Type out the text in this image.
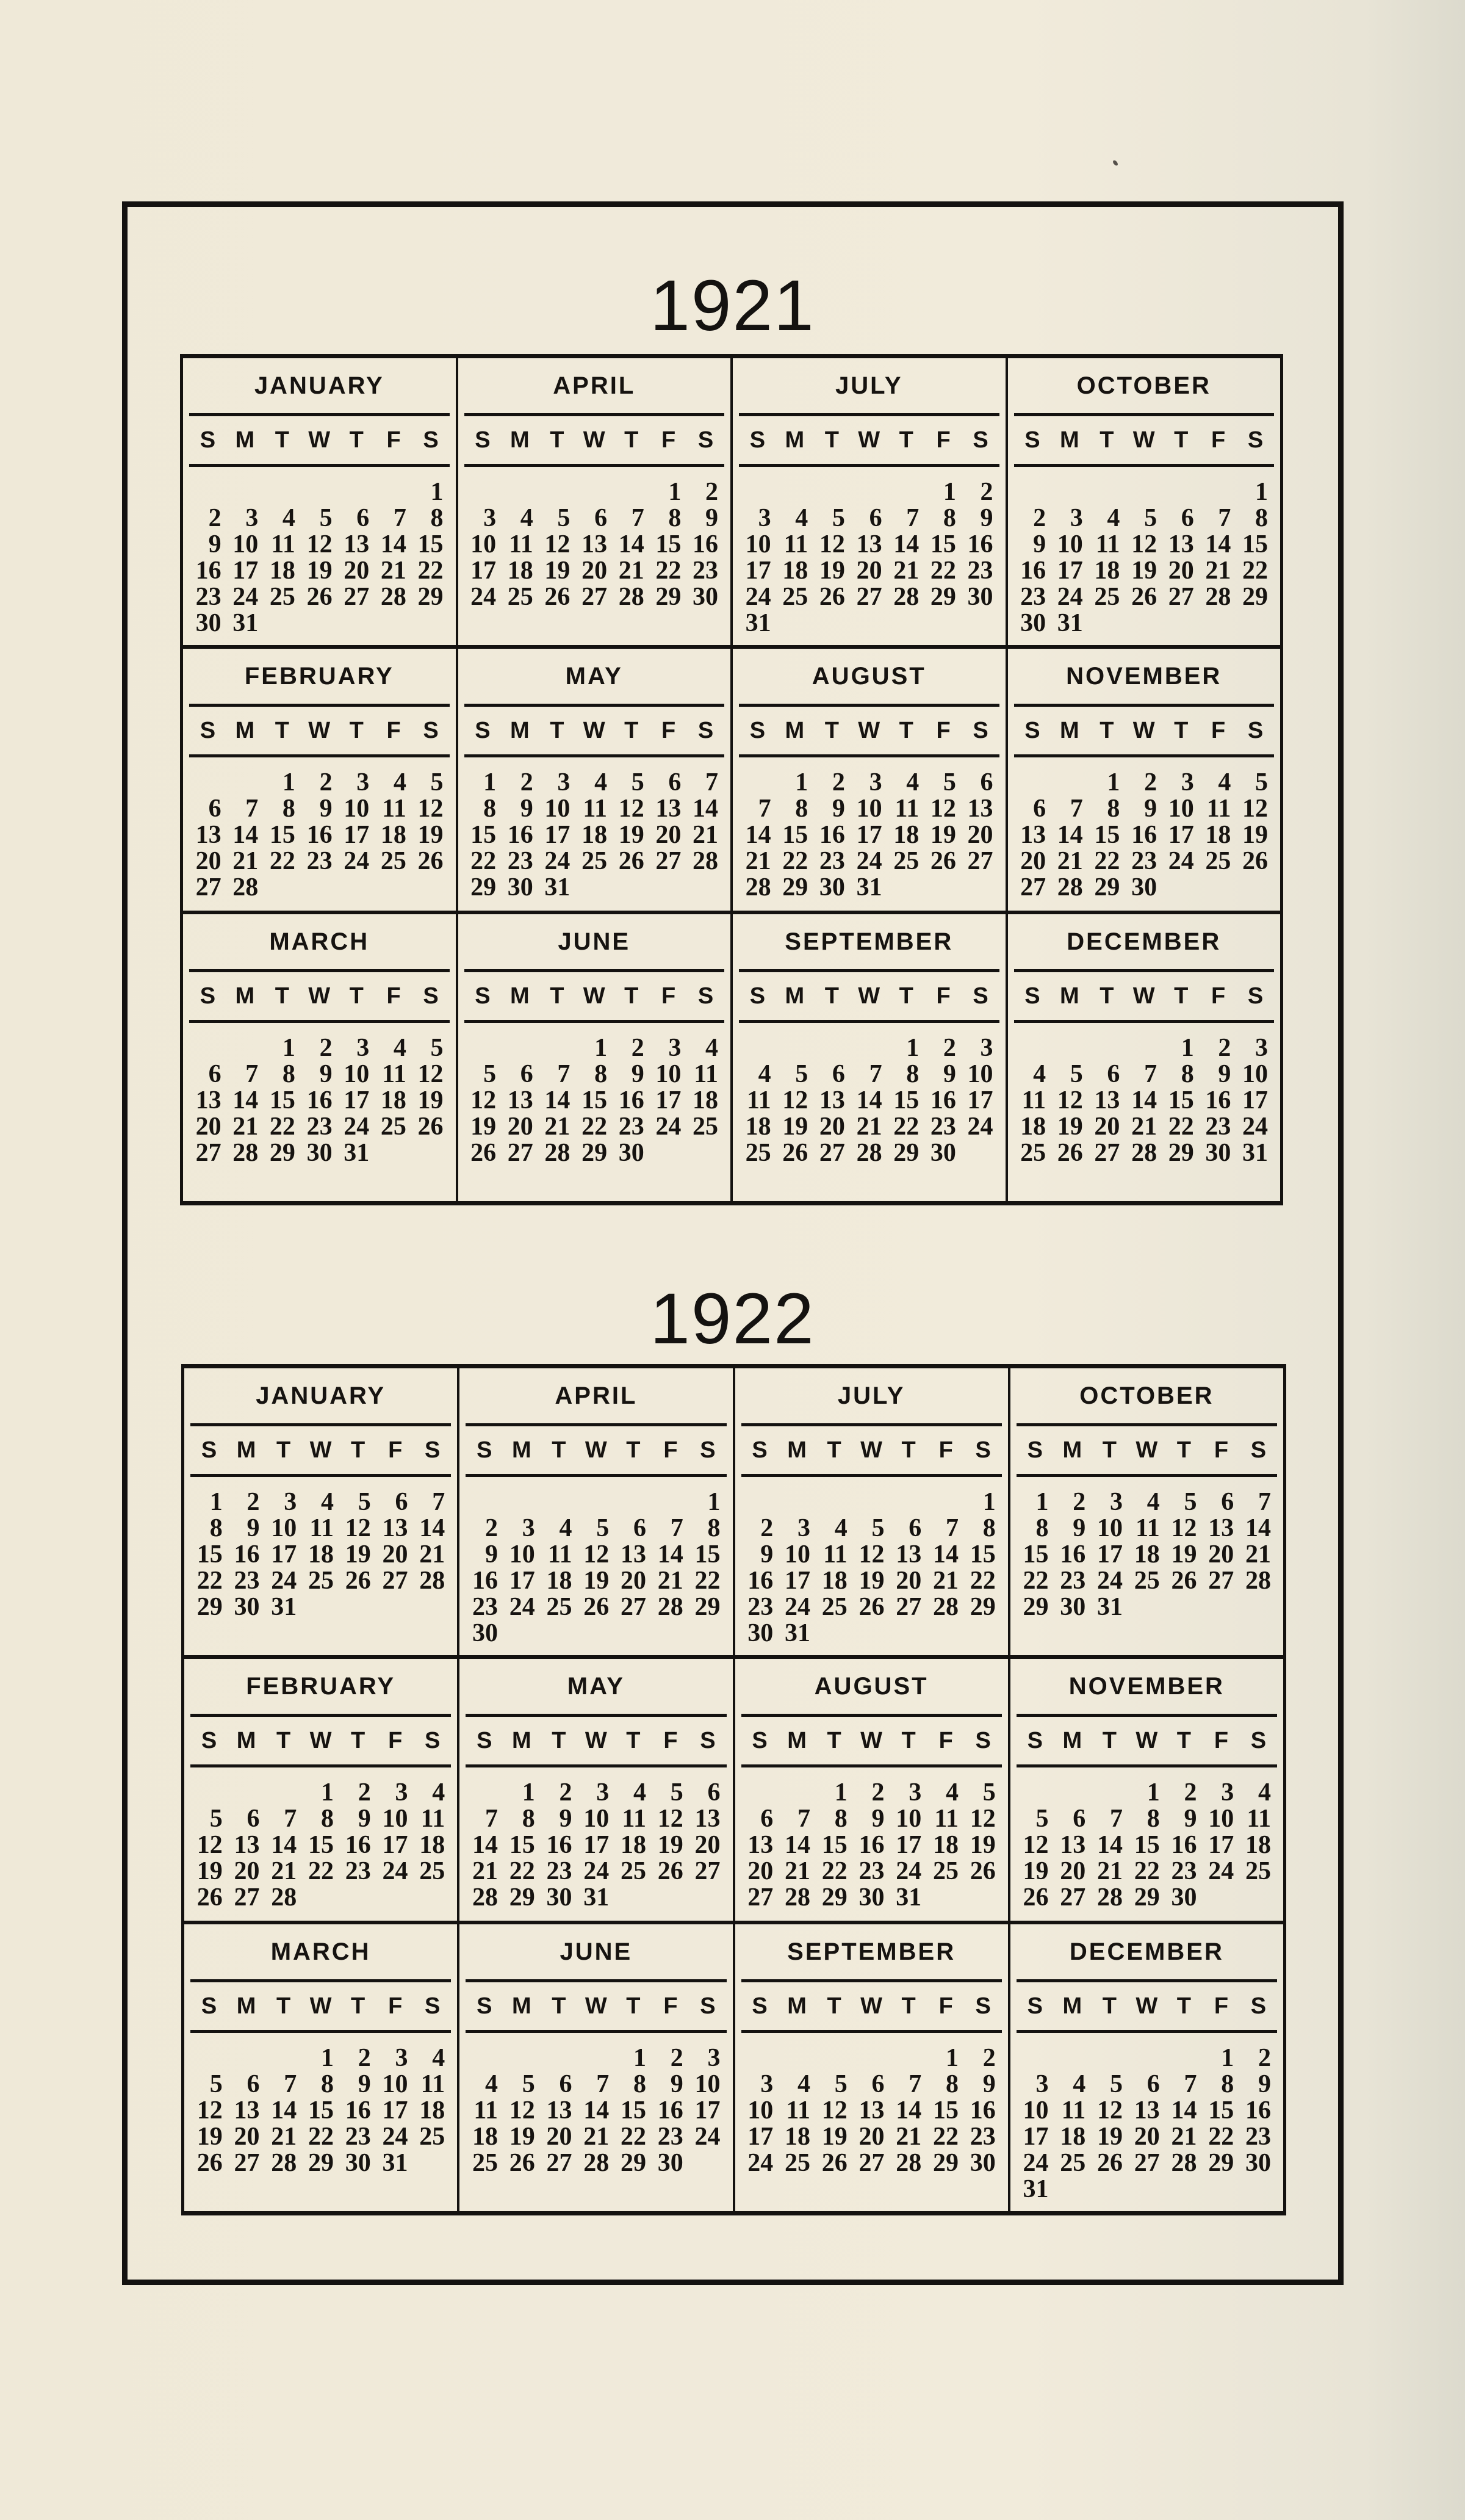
1921
JANUARY
S M T W T F S
1
2 3 4 5 6 7 8
9 10 11 12 13 14 15
16 17 18 19 20 21 22
23 24 25 26 27 28 29
30 31
APRIL
S M T W T F S
1 2
3 4 5 6 7 8 9
10 11 12 13 14 15 16
17 18 19 20 21 22 23
24 25 26 27 28 29 30
JULY
S M T W T F S
1 2
3 4 5 6 7 8 9
10 11 12 13 14 15 16
17 18 19 20 21 22 23
24 25 26 27 28 29 30
31
OCTOBER
S M T W T F S
1
2 3 4 5 6 7 8
9 10 11 12 13 14 15
16 17 18 19 20 21 22
23 24 25 26 27 28 29
30 31
FEBRUARY
S M T W T F S
1 2 3 4 5
6 7 8 9 10 11 12
13 14 15 16 17 18 19
20 21 22 23 24 25 26
27 28
MAY
S M T W T F S
1 2 3 4 5 6 7
8 9 10 11 12 13 14
15 16 17 18 19 20 21
22 23 24 25 26 27 28
29 30 31
AUGUST
S M T W T F S
1 2 3 4 5 6
7 8 9 10 11 12 13
14 15 16 17 18 19 20
21 22 23 24 25 26 27
28 29 30 31
NOVEMBER
S M T W T F S
1 2 3 4 5
6 7 8 9 10 11 12
13 14 15 16 17 18 19
20 21 22 23 24 25 26
27 28 29 30
MARCH
S M T W T F S
1 2 3 4 5
6 7 8 9 10 11 12
13 14 15 16 17 18 19
20 21 22 23 24 25 26
27 28 29 30 31
JUNE
S M T W T F S
1 2 3 4
5 6 7 8 9 10 11
12 13 14 15 16 17 18
19 20 21 22 23 24 25
26 27 28 29 30
SEPTEMBER
S M T W T F S
1 2 3
4 5 6 7 8 9 10
11 12 13 14 15 16 17
18 19 20 21 22 23 24
25 26 27 28 29 30
DECEMBER
S M T W T F S
1 2 3
4 5 6 7 8 9 10
11 12 13 14 15 16 17
18 19 20 21 22 23 24
25 26 27 28 29 30 31
1922
JANUARY
S M T W T F S
1 2 3 4 5 6 7
8 9 10 11 12 13 14
15 16 17 18 19 20 21
22 23 24 25 26 27 28
29 30 31
APRIL
S M T W T F S
1
2 3 4 5 6 7 8
9 10 11 12 13 14 15
16 17 18 19 20 21 22
23 24 25 26 27 28 29
30
JULY
S M T W T F S
1
2 3 4 5 6 7 8
9 10 11 12 13 14 15
16 17 18 19 20 21 22
23 24 25 26 27 28 29
30 31
OCTOBER
S M T W T F S
1 2 3 4 5 6 7
8 9 10 11 12 13 14
15 16 17 18 19 20 21
22 23 24 25 26 27 28
29 30 31
FEBRUARY
S M T W T F S
1 2 3 4
5 6 7 8 9 10 11
12 13 14 15 16 17 18
19 20 21 22 23 24 25
26 27 28
MAY
S M T W T F S
1 2 3 4 5 6
7 8 9 10 11 12 13
14 15 16 17 18 19 20
21 22 23 24 25 26 27
28 29 30 31
AUGUST
S M T W T F S
1 2 3 4 5
6 7 8 9 10 11 12
13 14 15 16 17 18 19
20 21 22 23 24 25 26
27 28 29 30 31
NOVEMBER
S M T W T F S
1 2 3 4
5 6 7 8 9 10 11
12 13 14 15 16 17 18
19 20 21 22 23 24 25
26 27 28 29 30
MARCH
S M T W T F S
1 2 3 4
5 6 7 8 9 10 11
12 13 14 15 16 17 18
19 20 21 22 23 24 25
26 27 28 29 30 31
JUNE
S M T W T F S
1 2 3
4 5 6 7 8 9 10
11 12 13 14 15 16 17
18 19 20 21 22 23 24
25 26 27 28 29 30
SEPTEMBER
S M T W T F S
1 2
3 4 5 6 7 8 9
10 11 12 13 14 15 16
17 18 19 20 21 22 23
24 25 26 27 28 29 30
DECEMBER
S M T W T F S
1 2
3 4 5 6 7 8 9
10 11 12 13 14 15 16
17 18 19 20 21 22 23
24 25 26 27 28 29 30
31
